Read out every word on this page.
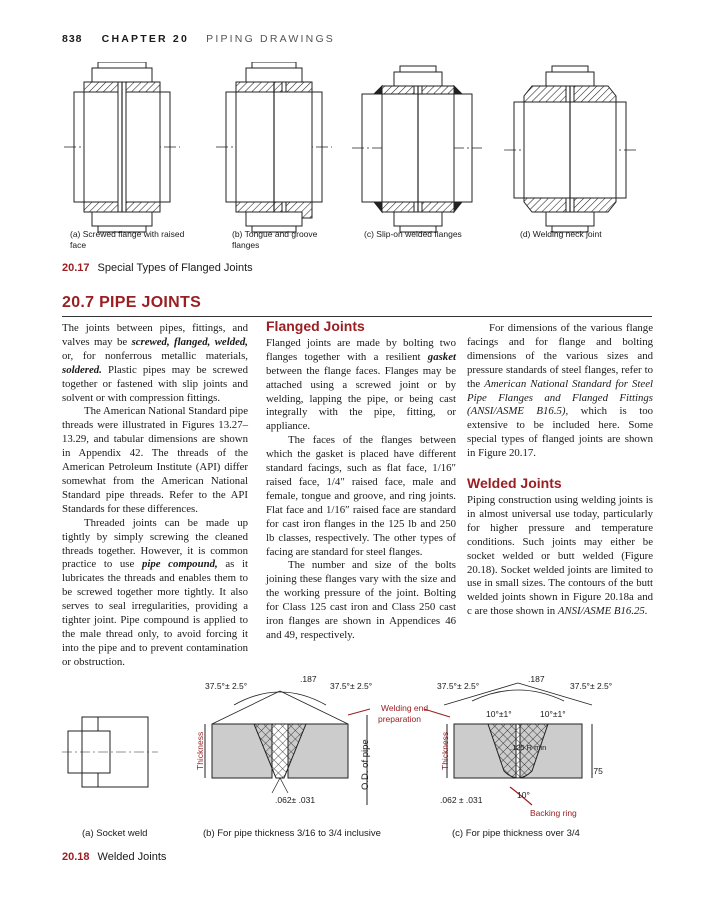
838 CHAPTER 20 PIPING DRAWINGS
(a) Screwed flange with raised face
(b) Tongue and groove flanges
(c) Slip-on welded flanges	(d) Welding neck joint
20.17 Special Types of Flanged Joints
20.7 PIPE JOINTS

The joints between pipes, fittings, and valves may be screwed, flanged, welded, or, for nonferrous metallic materials, soldered. Plastic pipes may be screwed together or fastened with slip joints and solvent or with compression fittings.

The American National Standard pipe threads were illustrated in Figures 13.27–13.29, and tabular dimensions are shown in Appendix 42. The threads of the American Petroleum Institute (API) differ somewhat from the American National Standard pipe threads. Refer to the API Standards for these differences.

Threaded joints can be made up tightly by simply screwing the cleaned threads together. However, it is common practice to use pipe compound, as it lubricates the threads and enables them to be screwed together more tightly. It also serves to seal irregularities, providing a tighter joint. Pipe compound is applied to the male thread only, to avoid forcing it into the pipe and to prevent contamination or obstruction.

Flanged Joints

Flanged joints are made by bolting two flanges together with a resilient gasket between the flange faces. Flanges may be attached using a screwed joint or by welding, lapping the pipe, or being cast integrally with the pipe, fitting, or appliance.

The faces of the flanges between which the gasket is placed have different standard facings, such as flat face, 1/16″ raised face, 1/4″ raised face, male and female, tongue and groove, and ring joints. Flat face and 1/16″ raised face are standard for cast iron flanges in the 125 lb and 250 lb classes, respectively. The other types of facing are standard for steel flanges.

The number and size of the bolts joining these flanges vary with the size and the working pressure of the joint. Bolting for Class 125 cast iron and Class 250 cast iron flanges are shown in Appendices 46 and 49, respectively.

For dimensions of the various flange facings and for flange and bolting dimensions of the various sizes and pressure standards of steel flanges, refer to the American National Standard for Steel Pipe Flanges and Flanged Fittings (ANSI/ASME B16.5), which is too extensive to be included here. Some special types of flanged joints are shown in Figure 20.17.

Welded Joints

Piping construction using welding joints is in almost universal use today, particularly for higher pressure and temperature conditions. Such joints may either be socket welded or butt welded (Figure 20.18). Socket welded joints are limited to use in small sizes. The contours of the butt welded joints shown in Figure 20.18a and c are those shown in ANSI/ASME B16.25.

37.5°± 2.5°	37.5°± 2.5°	37.5°± 2.5°	37.5°± 2.5°
.187	.187
Welding end
preparation	10°±1°	10°±1°
.125 R min
Thickness	Thickness
O.D. of pipe	.75
.062± .031	.062 ± .031	10°
Backing ring
(a) Socket weld	(b) For pipe thickness 3/16 to 3/4 inclusive	(c) For pipe thickness over 3/4
20.18 Welded Joints
